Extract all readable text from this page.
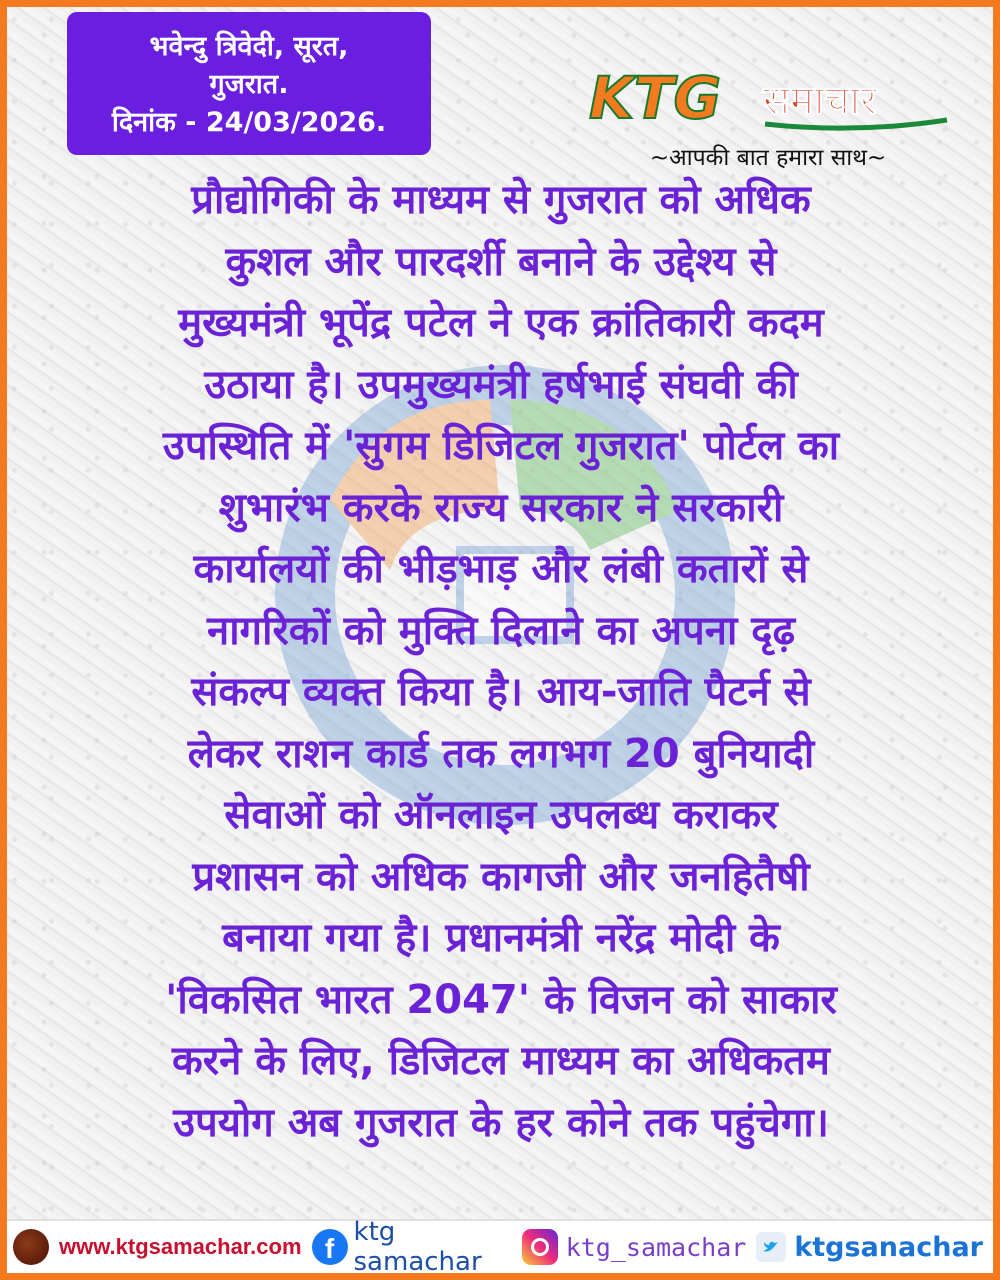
भवेन्दु त्रिवेदी, सूरत,
गुजरात.
दिनांक - 24/03/2026.	KTG समाचार
~आपकी बात हमारा साथ~
प्रौद्योगिकी के माध्यम से गुजरात को अधिक
कुशल और पारदर्शी बनाने के उद्देश्य से
मुख्यमंत्री भूपेंद्र पटेल ने एक क्रांतिकारी कदम
उठाया है। उपमुख्यमंत्री हर्षभाई संघवी की
उपस्थिति में 'सुगम डिजिटल गुजरात' पोर्टल का
शुभारंभ करके राज्य सरकार ने सरकारी
कार्यालयों की भीड़भाड़ और लंबी कतारों से
नागरिकों को मुक्ति दिलाने का अपना दृढ़
संकल्प व्यक्त किया है। आय-जाति पैटर्न से
लेकर राशन कार्ड तक लगभग 20 बुनियादी
सेवाओं को ऑनलाइन उपलब्ध कराकर
प्रशासन को अधिक कागजी और जनहितैषी
बनाया गया है। प्रधानमंत्री नरेंद्र मोदी के
'विकसित भारत 2047' के विजन को साकार
करने के लिए, डिजिटल माध्यम का अधिकतम
उपयोग अब गुजरात के हर कोने तक पहुंचेगा।
www.ktgsamachar.com f
ktg samachar	ktg_samachar ktgsanachar
